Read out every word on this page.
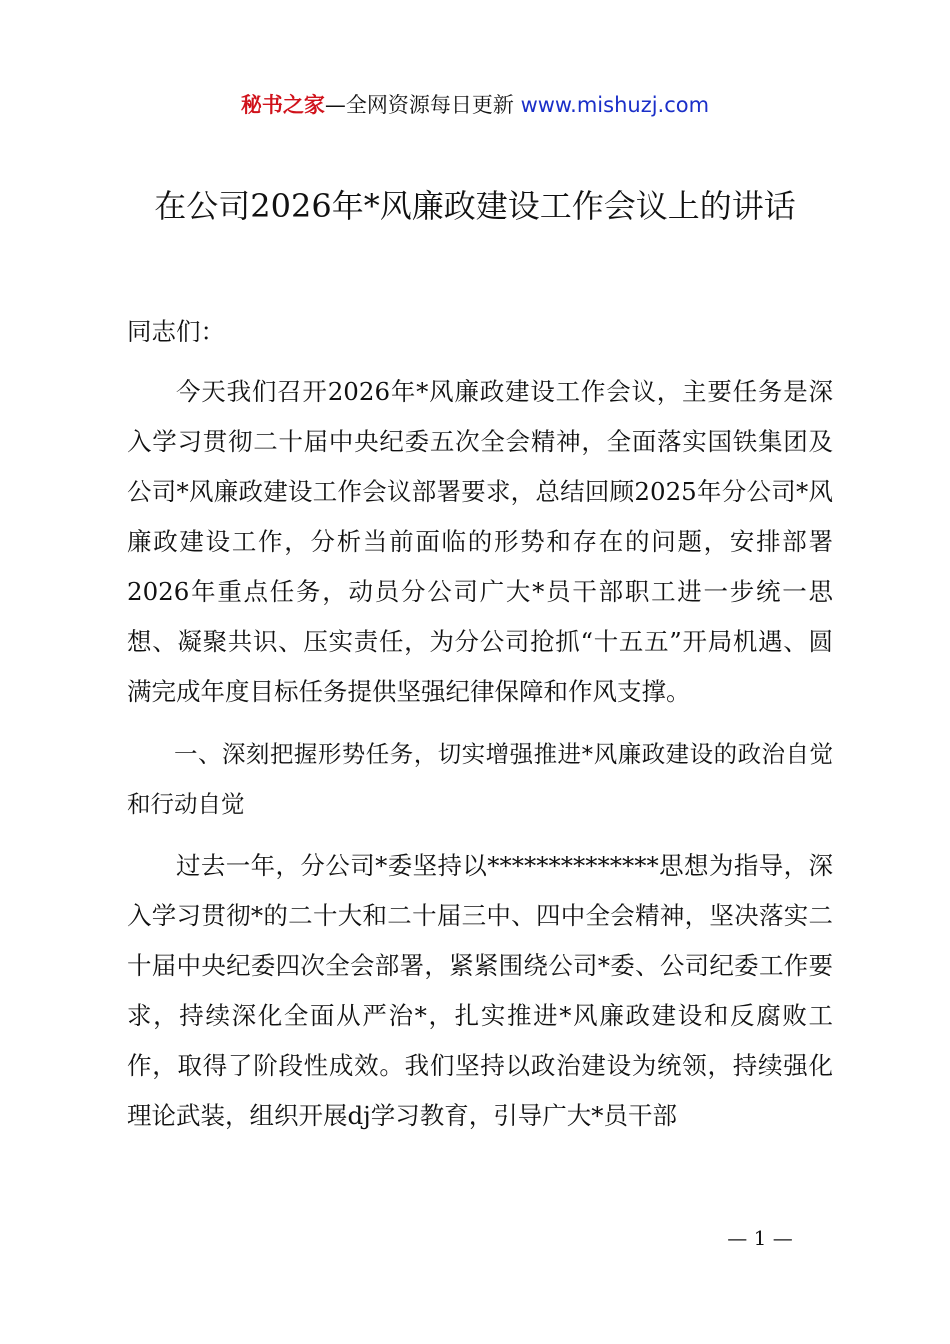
秘书之家—全网资源每日更新 www.mishuzj.com
在公司2026年*风廉政建设工作会议上的讲话
同志们：
今天我们召开2026年*风廉政建设工作会议，主要任务是深入学习贯彻二十届中央纪委五次全会精神，全面落实国铁集团及公司*风廉政建设工作会议部署要求，总结回顾2025年分公司*风廉政建设工作，分析当前面临的形势和存在的问题，安排部署2026年重点任务，动员分公司广大*员干部职工进一步统一思想、凝聚共识、压实责任，为分公司抢抓“十五五”开局机遇、圆满完成年度目标任务提供坚强纪律保障和作风支撑。
一、深刻把握形势任务，切实增强推进*风廉政建设的政治自觉和行动自觉
过去一年，分公司*委坚持以**************思想为指导，深入学习贯彻*的二十大和二十届三中、四中全会精神，坚决落实二十届中央纪委四次全会部署，紧紧围绕公司*委、公司纪委工作要求，持续深化全面从严治*，扎实推进*风廉政建设和反腐败工作，取得了阶段性成效。我们坚持以政治建设为统领，持续强化理论武装，组织开展dj学习教育，引导广大*员干部
— 1 —
